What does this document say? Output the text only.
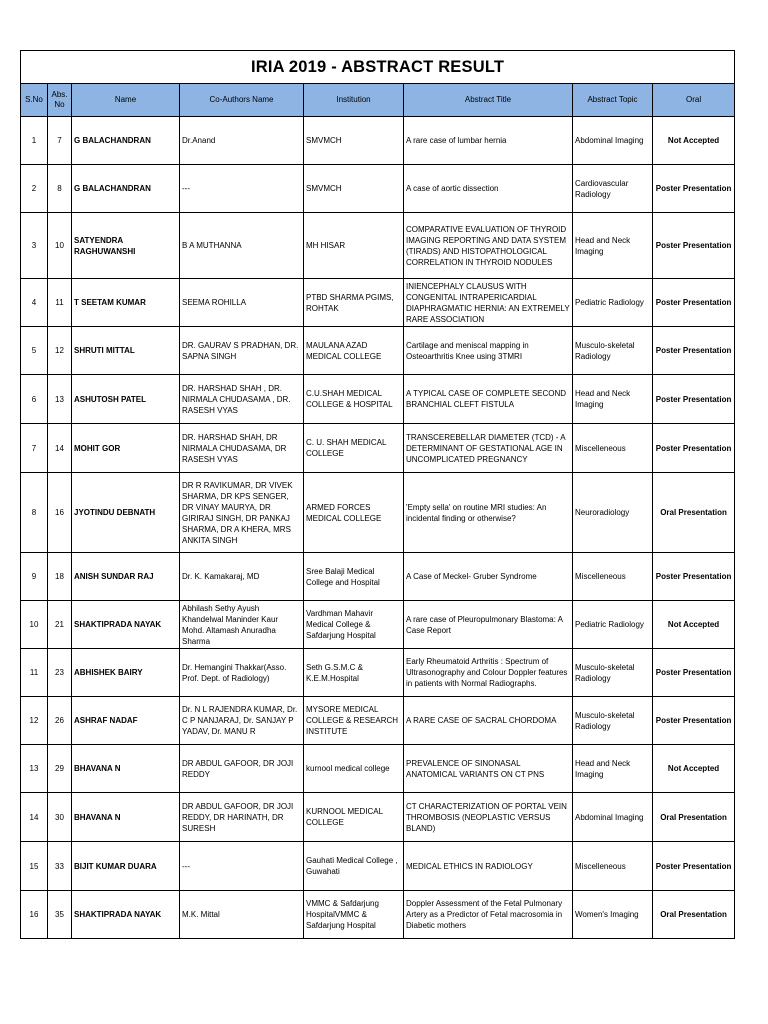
IRIA 2019 - ABSTRACT RESULT							
S.No	Abs. No	Name	Co-Authors Name	Institution	Abstract Title	Abstract Topic	Oral
1	7	G BALACHANDRAN	Dr.Anand	SMVMCH	A rare case of lumbar hernia	Abdominal Imaging	Not Accepted
2	8	G BALACHANDRAN	---	SMVMCH	A case of aortic dissection	Cardiovascular Radiology	Poster Presentation
3	10	SATYENDRA RAGHUWANSHI	B A MUTHANNA	MH HISAR	COMPARATIVE EVALUATION OF THYROID IMAGING REPORTING AND DATA SYSTEM (TIRADS) AND HISTOPATHOLOGICAL CORRELATION IN THYROID NODULES	Head and Neck Imaging	Poster Presentation
4	11	T SEETAM KUMAR	SEEMA ROHILLA	PTBD SHARMA PGIMS, ROHTAK	INIENCEPHALY CLAUSUS WITH CONGENITAL INTRAPERICARDIAL DIAPHRAGMATIC HERNIA: AN EXTREMELY RARE ASSOCIATION	Pediatric Radiology	Poster Presentation
5	12	SHRUTI MITTAL	DR. GAURAV S PRADHAN, DR. SAPNA SINGH	MAULANA AZAD MEDICAL COLLEGE	Cartilage and meniscal mapping in Osteoarthritis Knee using 3TMRI	Musculo-skeletal Radiology	Poster Presentation
6	13	ASHUTOSH PATEL	DR. HARSHAD SHAH , DR. NIRMALA CHUDASAMA , DR. RASESH VYAS	C.U.SHAH MEDICAL COLLEGE & HOSPITAL	A TYPICAL CASE OF COMPLETE SECOND BRANCHIAL CLEFT FISTULA	Head and Neck Imaging	Poster Presentation
7	14	MOHIT GOR	DR. HARSHAD SHAH, DR NIRMALA CHUDASAMA, DR RASESH VYAS	C. U. SHAH MEDICAL COLLEGE	TRANSCEREBELLAR DIAMETER (TCD) - A DETERMINANT OF GESTATIONAL AGE IN UNCOMPLICATED PREGNANCY	Miscelleneous	Poster Presentation
8	16	JYOTINDU DEBNATH	DR R RAVIKUMAR, DR VIVEK SHARMA, DR KPS SENGER, DR VINAY MAURYA, DR GIRIRAJ SINGH, DR PANKAJ SHARMA, DR A KHERA, MRS ANKITA SINGH	ARMED FORCES MEDICAL COLLEGE	'Empty sella' on routine MRI studies: An incidental finding or otherwise?	Neuroradiology	Oral Presentation
9	18	ANISH SUNDAR RAJ	Dr. K. Kamakaraj, MD	Sree Balaji Medical College and Hospital	A Case of Meckel- Gruber Syndrome	Miscelleneous	Poster Presentation
10	21	SHAKTIPRADA NAYAK	Abhilash Sethy Ayush Khandelwal Maninder Kaur Mohd. Altamash Anuradha Sharma	Vardhman Mahavir Medical College & Safdarjung Hospital	A rare case of Pleuropulmonary Blastoma: A Case Report	Pediatric Radiology	Not Accepted
11	23	ABHISHEK BAIRY	Dr. Hemangini Thakkar(Asso. Prof. Dept. of Radiology)	Seth G.S.M.C & K.E.M.Hospital	Early Rheumatoid Arthritis : Spectrum of Ultrasonography and Colour Doppler features in patients with Normal Radiographs.	Musculo-skeletal Radiology	Poster Presentation
12	26	ASHRAF NADAF	Dr. N L RAJENDRA KUMAR, Dr. C P NANJARAJ, Dr. SANJAY P YADAV, Dr. MANU R	MYSORE MEDICAL COLLEGE & RESEARCH INSTITUTE	A RARE CASE OF SACRAL CHORDOMA	Musculo-skeletal Radiology	Poster Presentation
13	29	BHAVANA N	DR ABDUL GAFOOR, DR JOJI REDDY	kurnool medical college	PREVALENCE OF SINONASAL ANATOMICAL VARIANTS ON CT PNS	Head and Neck Imaging	Not Accepted
14	30	BHAVANA N	DR ABDUL GAFOOR, DR JOJI REDDY, DR HARINATH, DR SURESH	KURNOOL MEDICAL COLLEGE	CT CHARACTERIZATION OF PORTAL VEIN THROMBOSIS (NEOPLASTIC VERSUS BLAND)	Abdominal Imaging	Oral Presentation
15	33	BIJIT KUMAR DUARA	---	Gauhati Medical College , Guwahati	MEDICAL ETHICS IN RADIOLOGY	Miscelleneous	Poster Presentation
16	35	SHAKTIPRADA NAYAK	M.K. Mittal	VMMC & Safdarjung HospitalVMMC & Safdarjung Hospital	Doppler Assessment of the Fetal Pulmonary Artery as a Predictor of Fetal macrosomia in Diabetic mothers	Women's Imaging	Oral Presentation
